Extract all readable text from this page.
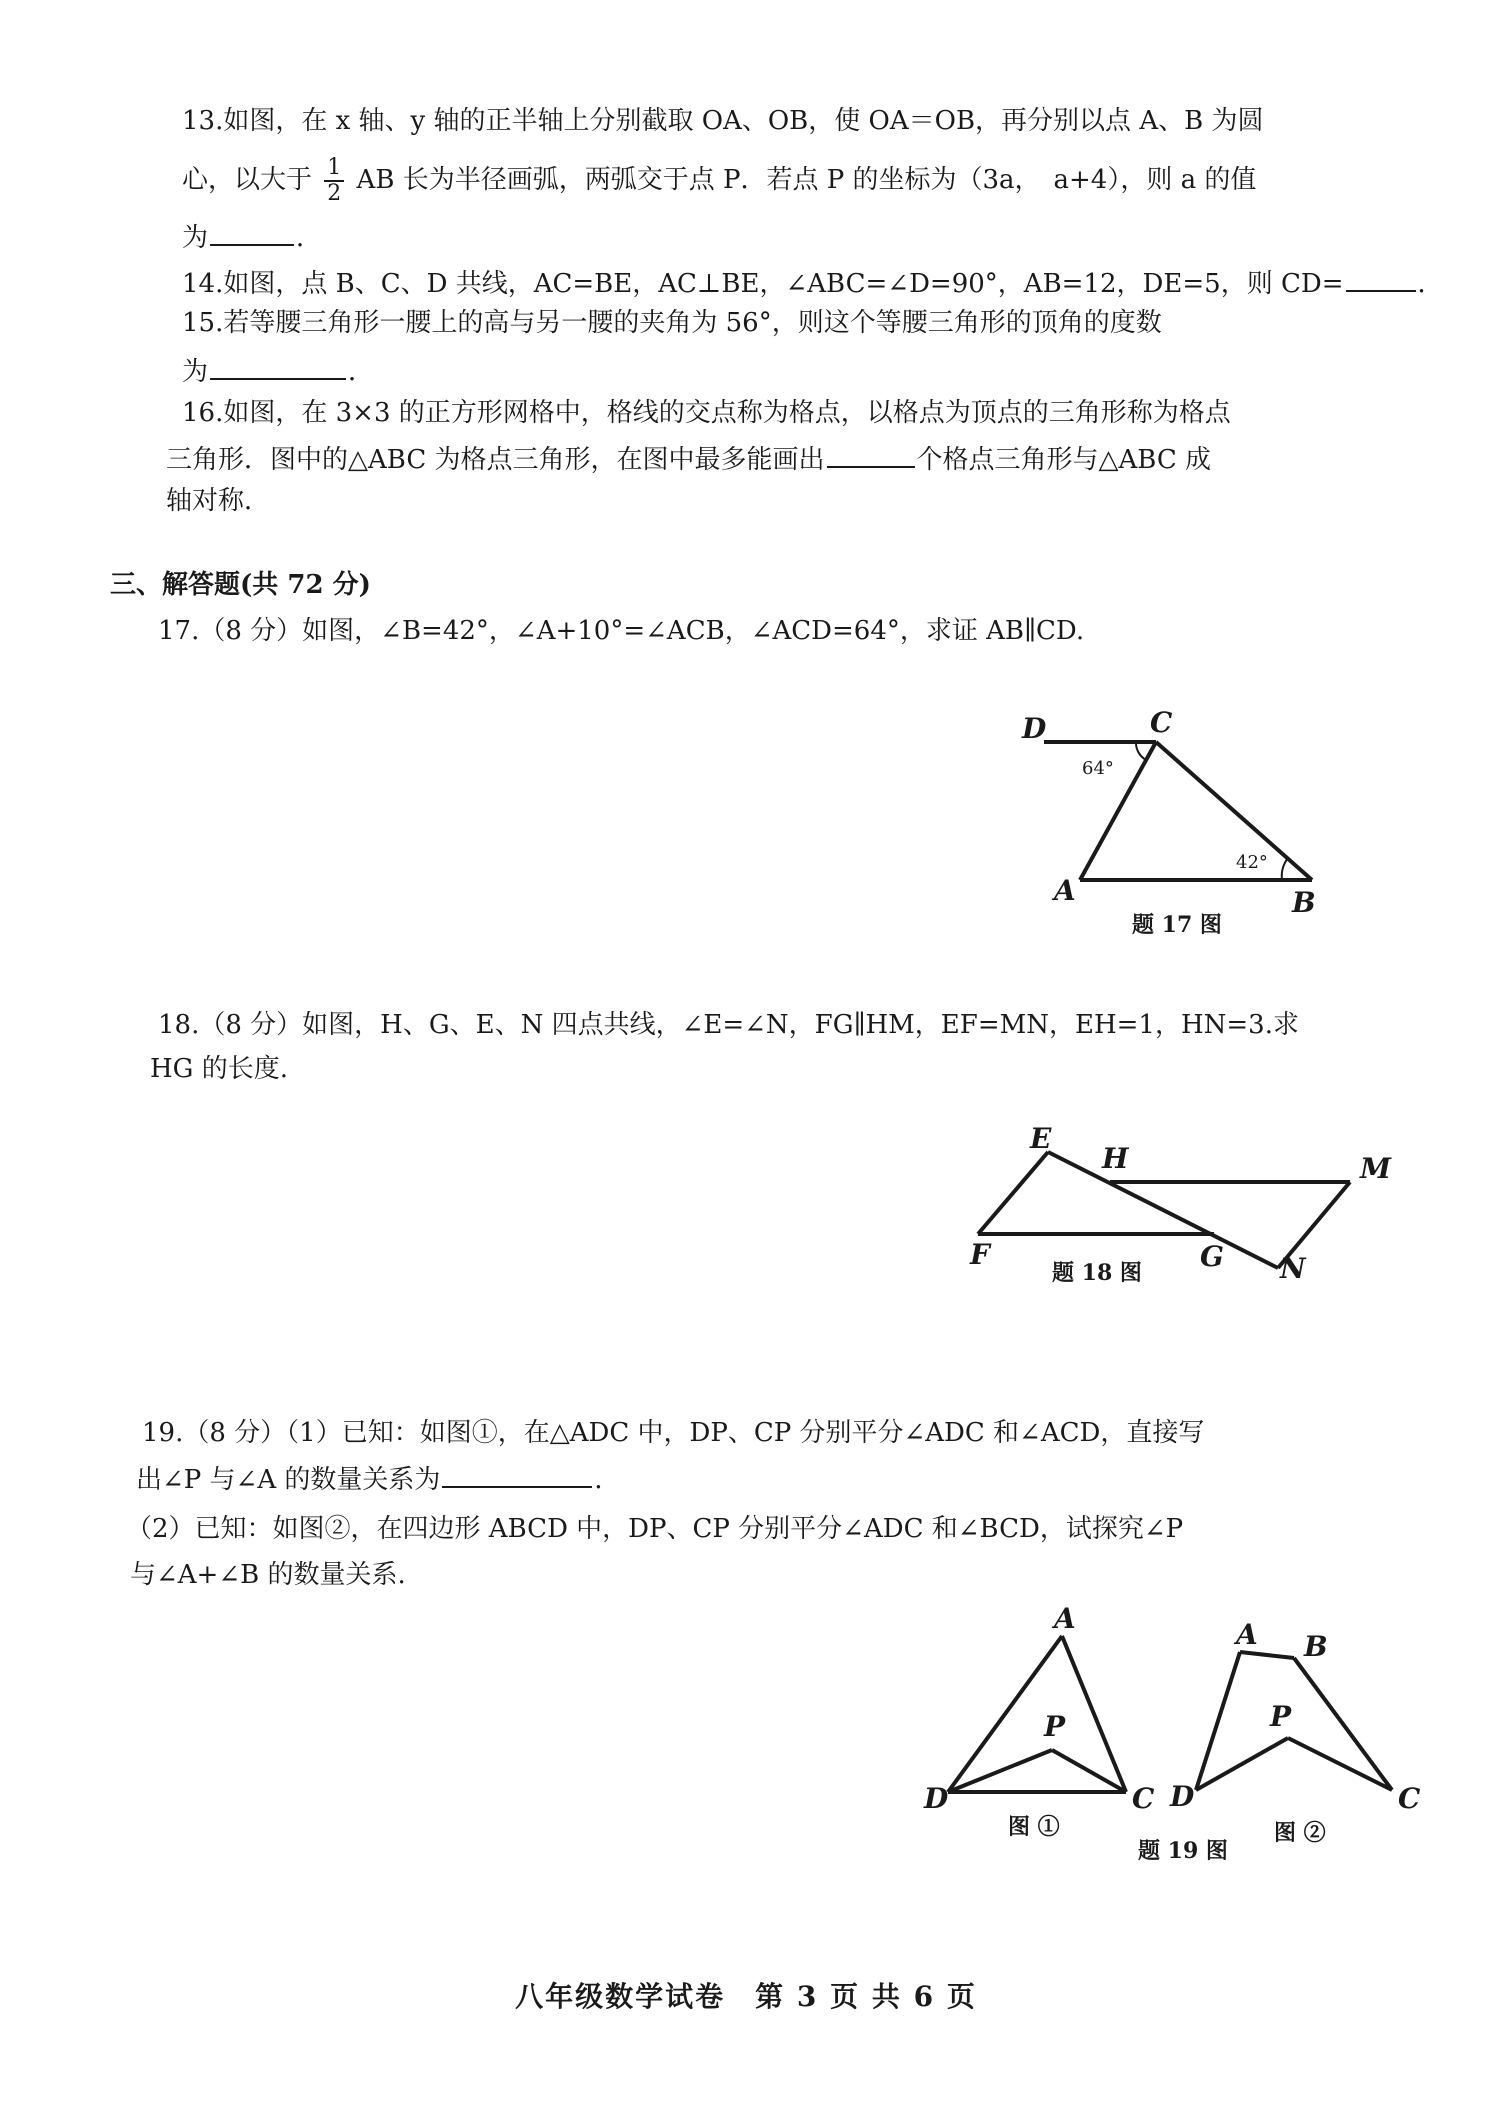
13.如图，在 x 轴、y 轴的正半轴上分别截取 OA、OB，使 OA＝OB，再分别以点 A、B 为圆
心，以大于 $\frac{1}{2}$ AB 长为半径画弧，两弧交于点 P．若点 P 的坐标为（3a，　a+4），则 a 的值
为	．
14.如图，点 B、C、D 共线，AC=BE，AC⊥BE，∠ABC=∠D=90°，AB=12，DE=5，则 CD=	．
15.若等腰三角形一腰上的高与另一腰的夹角为 56°，则这个等腰三角形的顶角的度数
为	．
16.如图，在 3×3 的正方形网格中，格线的交点称为格点，以格点为顶点的三角形称为格点
三角形．图中的△ABC 为格点三角形，在图中最多能画出	个格点三角形与△ABC 成
轴对称．
三、解答题(共 72 分)
17.（8 分）如图，∠B=42°，∠A+10°=∠ACB，∠ACD=64°，求证 AB∥CD.
D	C
64°
42°
A	B
题 17 图
18.（8 分）如图，H、G、E、N 四点共线，∠E=∠N，FG∥HM，EF=MN，EH=1，HN=3.求
HG 的长度.
E
H	M
F	G N
题 18 图
19.（8 分）（1）已知：如图①，在△ADC 中，DP、CP 分别平分∠ADC 和∠ACD，直接写
出∠P 与∠A 的数量关系为	．
（2）已知：如图②，在四边形 ABCD 中，DP、CP 分别平分∠ADC 和∠BCD，试探究∠P
与∠A+∠B 的数量关系.
A
P
D	C
图 ①
A B
P
D	C
图 ②
题 19 图
八年级数学试卷　第 3 页 共 6 页
